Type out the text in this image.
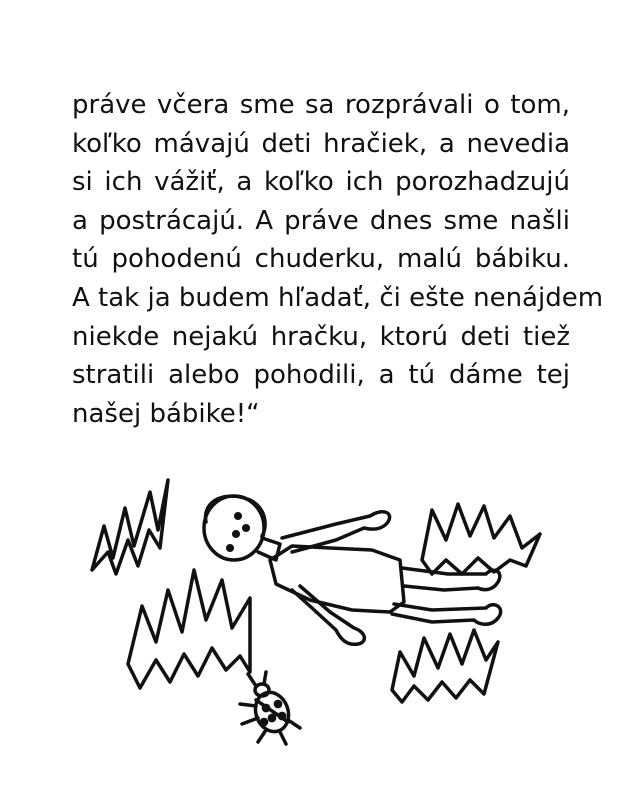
práve včera sme sa rozprávali o tom,
koľko mávajú deti hračiek, a nevedia
si ich vážiť, a koľko ich porozhadzujú
a postrácajú. A práve dnes sme našli
tú pohodenú chuderku, malú bábiku.
A tak ja budem hľadať, či ešte nenájdem
niekde nejakú hračku, ktorú deti tiež
stratili alebo pohodili, a tú dáme tej
našej bábike!“
